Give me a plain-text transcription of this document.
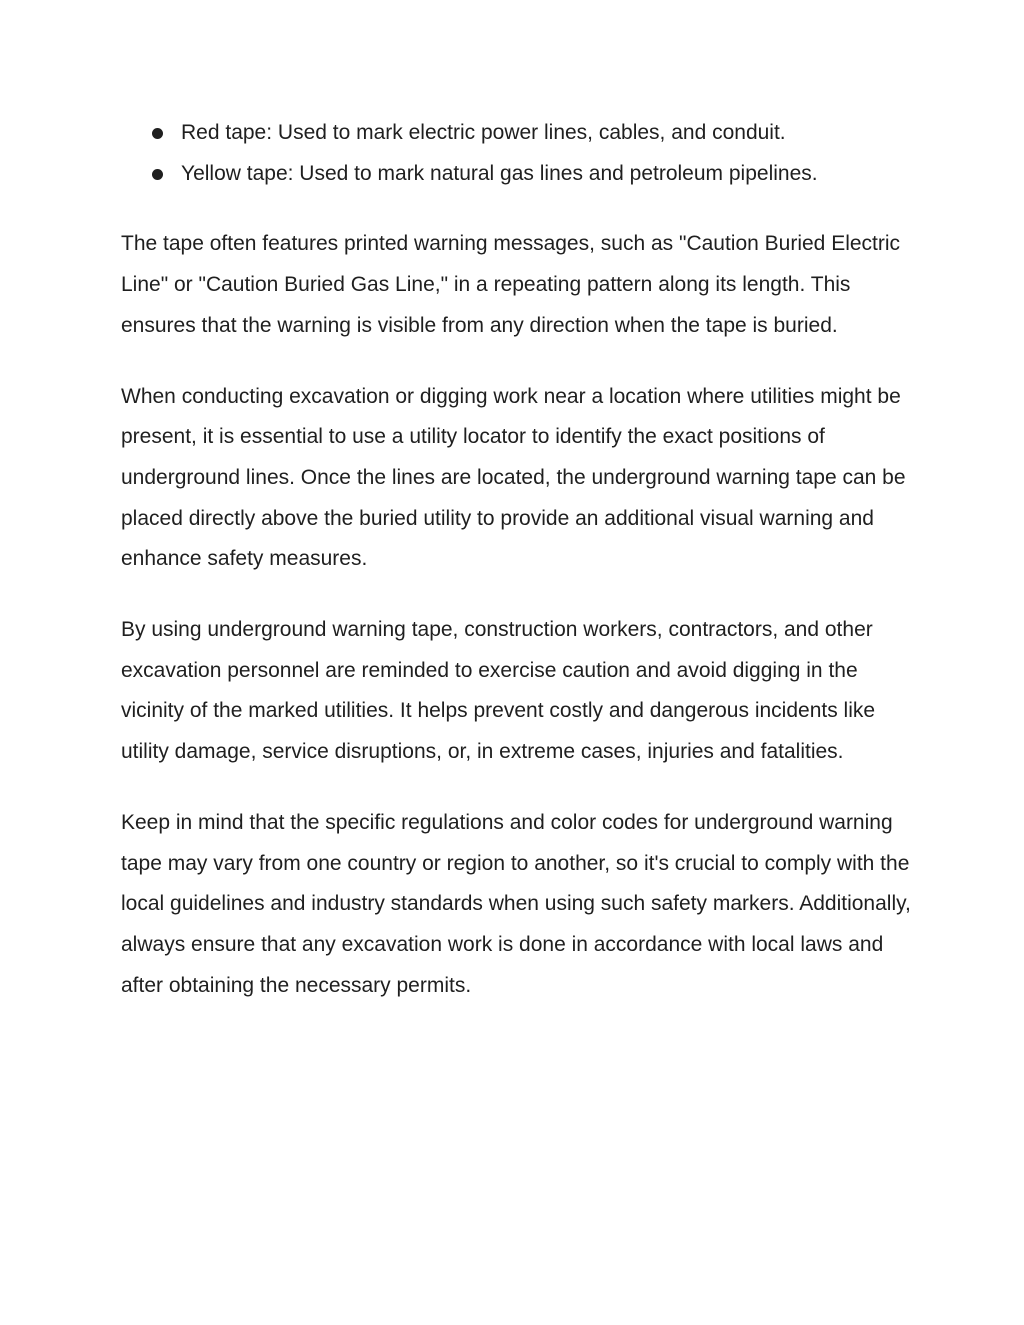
Red tape: Used to mark electric power lines, cables, and conduit.
Yellow tape: Used to mark natural gas lines and petroleum pipelines.

The tape often features printed warning messages, such as "Caution Buried Electric Line" or "Caution Buried Gas Line," in a repeating pattern along its length. This ensures that the warning is visible from any direction when the tape is buried.

When conducting excavation or digging work near a location where utilities might be present, it is essential to use a utility locator to identify the exact positions of underground lines. Once the lines are located, the underground warning tape can be placed directly above the buried utility to provide an additional visual warning and enhance safety measures.

By using underground warning tape, construction workers, contractors, and other excavation personnel are reminded to exercise caution and avoid digging in the vicinity of the marked utilities. It helps prevent costly and dangerous incidents like utility damage, service disruptions, or, in extreme cases, injuries and fatalities.

Keep in mind that the specific regulations and color codes for underground warning tape may vary from one country or region to another, so it's crucial to comply with the local guidelines and industry standards when using such safety markers. Additionally, always ensure that any excavation work is done in accordance with local laws and after obtaining the necessary permits.
